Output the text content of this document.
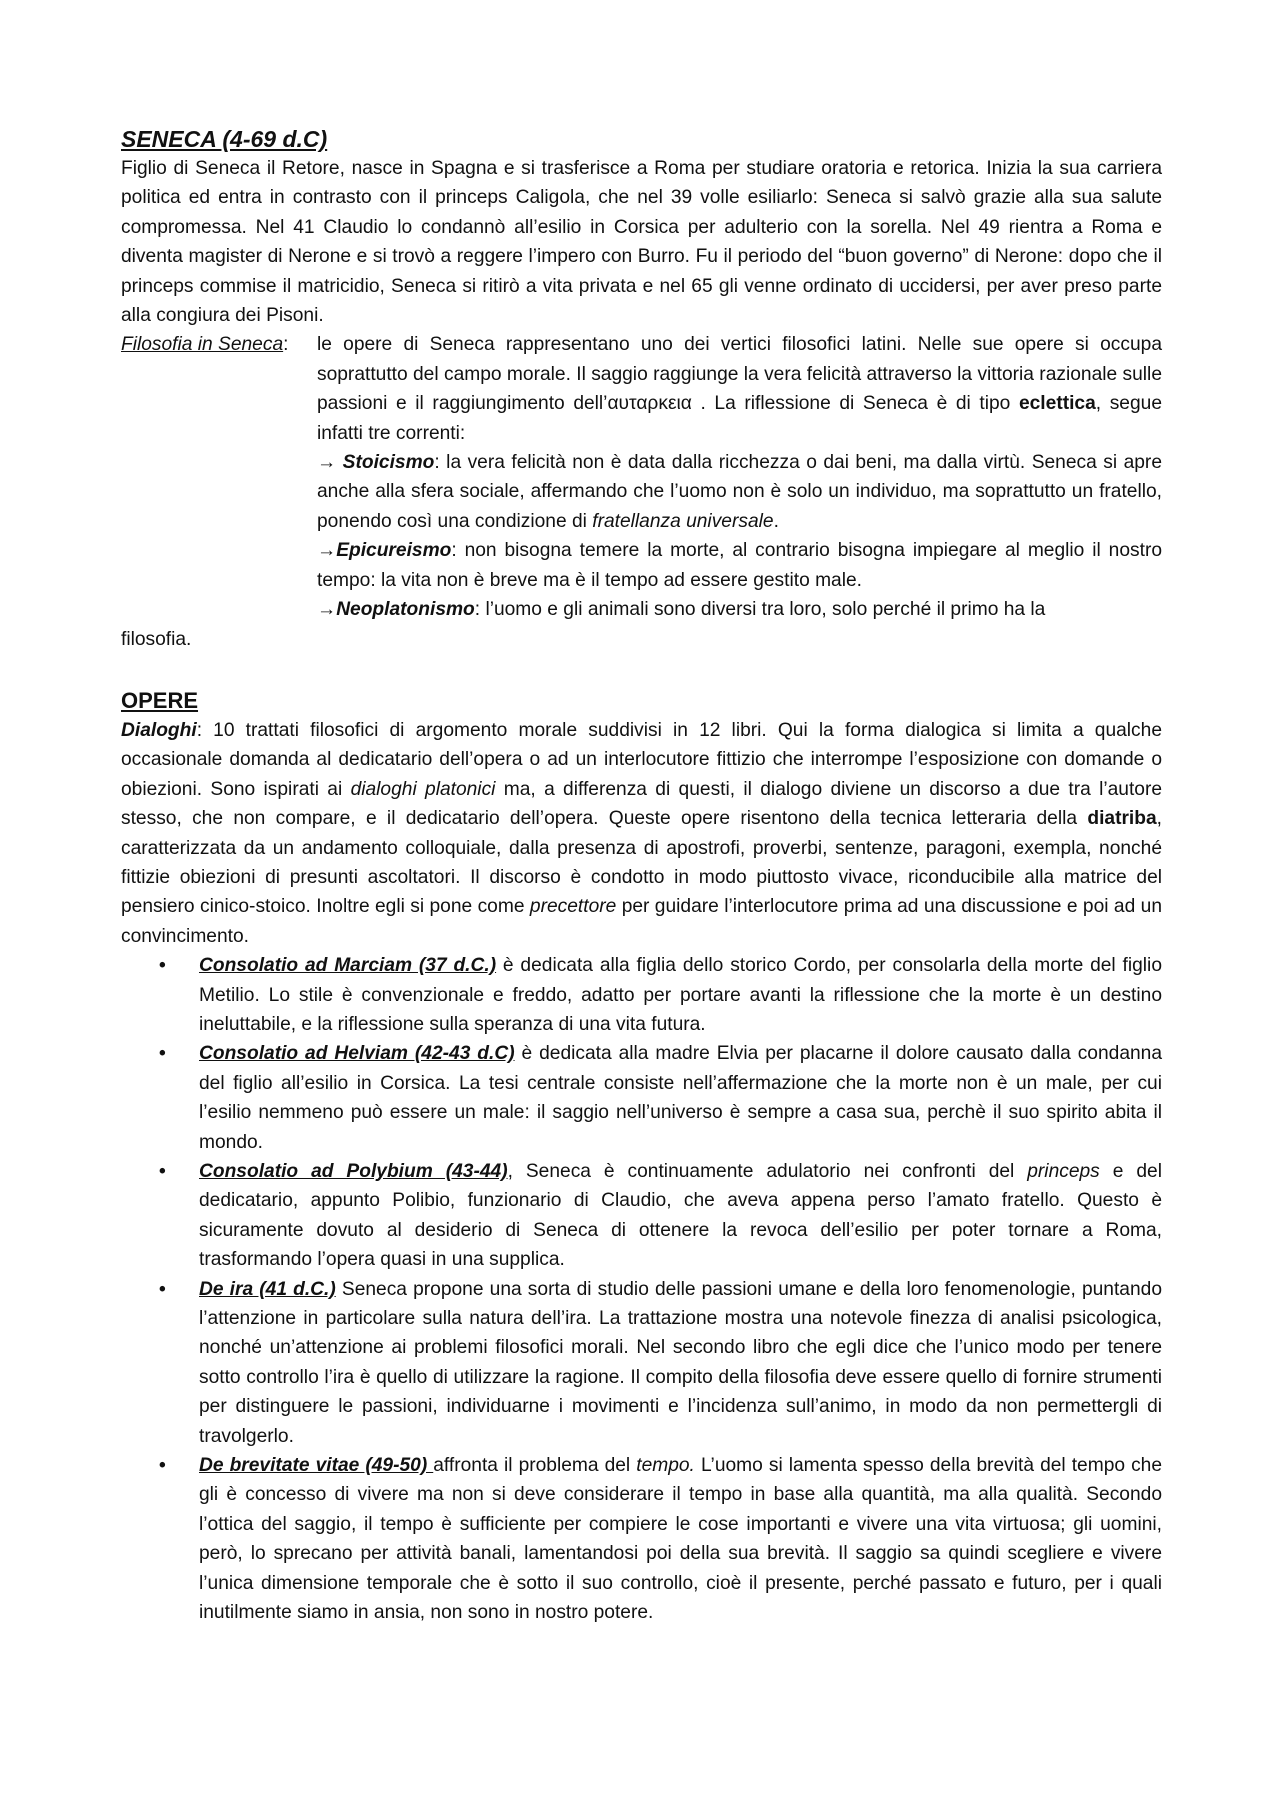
SENECA (4-69 d.C)

Figlio di Seneca il Retore, nasce in Spagna e si trasferisce a Roma per studiare oratoria e retorica. Inizia la sua carriera politica ed entra in contrasto con il princeps Caligola, che nel 39 volle esiliarlo: Seneca si salvò grazie alla sua salute compromessa. Nel 41 Claudio lo condannò all’esilio in Corsica per adulterio con la sorella. Nel 49 rientra a Roma e diventa magister di Nerone e si trovò a reggere l’impero con Burro. Fu il periodo del “buon governo” di Nerone: dopo che il princeps commise il matricidio, Seneca si ritirò a vita privata e nel 65 gli venne ordinato di uccidersi, per aver preso parte alla congiura dei Pisoni.

Filosofia in Seneca:	le opere di Seneca rappresentano uno dei vertici filosofici latini. Nelle sue opere si occupa soprattutto del campo morale. Il saggio raggiunge la vera felicità attraverso la vittoria razionale sulle passioni e il raggiungimento dell’αυταρκεια . La riflessione di Seneca è di tipo eclettica, segue infatti tre correnti:

→ Stoicismo: la vera felicità non è data dalla ricchezza o dai beni, ma dalla virtù. Seneca si apre anche alla sfera sociale, affermando che l’uomo non è solo un individuo, ma soprattutto un fratello, ponendo così una condizione di fratellanza universale.

→Epicureismo: non bisogna temere la morte, al contrario bisogna impiegare al meglio il nostro tempo: la vita non è breve ma è il tempo ad essere gestito male.

→Neoplatonismo: l’uomo e gli animali sono diversi tra loro, solo perché il primo ha la

filosofia.
OPERE

Dialoghi: 10 trattati filosofici di argomento morale suddivisi in 12 libri. Qui la forma dialogica si limita a qualche occasionale domanda al dedicatario dell’opera o ad un interlocutore fittizio che interrompe l’esposizione con domande o obiezioni. Sono ispirati ai dialoghi platonici ma, a differenza di questi, il dialogo diviene un discorso a due tra l’autore stesso, che non compare, e il dedicatario dell’opera. Queste opere risentono della tecnica letteraria della diatriba, caratterizzata da un andamento colloquiale, dalla presenza di apostrofi, proverbi, sentenze, paragoni, exempla, nonché fittizie obiezioni di presunti ascoltatori. Il discorso è condotto in modo piuttosto vivace, riconducibile alla matrice del pensiero cinico-stoico. Inoltre egli si pone come precettore per guidare l’interlocutore prima ad una discussione e poi ad un convincimento.

• Consolatio ad Marciam (37 d.C.) è dedicata alla figlia dello storico Cordo, per consolarla della morte del figlio Metilio. Lo stile è convenzionale e freddo, adatto per portare avanti la riflessione che la morte è un destino ineluttabile, e la riflessione sulla speranza di una vita futura.
• Consolatio ad Helviam (42-43 d.C) è dedicata alla madre Elvia per placarne il dolore causato dalla condanna del figlio all’esilio in Corsica. La tesi centrale consiste nell’affermazione che la morte non è un male, per cui l’esilio nemmeno può essere un male: il saggio nell’universo è sempre a casa sua, perchè il suo spirito abita il mondo.
• Consolatio ad Polybium (43-44), Seneca è continuamente adulatorio nei confronti del princeps e del dedicatario, appunto Polibio, funzionario di Claudio, che aveva appena perso l’amato fratello. Questo è sicuramente dovuto al desiderio di Seneca di ottenere la revoca dell’esilio per poter tornare a Roma, trasformando l’opera quasi in una supplica.
• De ira (41 d.C.) Seneca propone una sorta di studio delle passioni umane e della loro fenomenologie, puntando l’attenzione in particolare sulla natura dell’ira. La trattazione mostra una notevole finezza di analisi psicologica, nonché un’attenzione ai problemi filosofici morali. Nel secondo libro che egli dice che l’unico modo per tenere sotto controllo l’ira è quello di utilizzare la ragione. Il compito della filosofia deve essere quello di fornire strumenti per distinguere le passioni, individuarne i movimenti e l’incidenza sull’animo, in modo da non permettergli di travolgerlo.
• De brevitate vitae (49-50) affronta il problema del tempo. L’uomo si lamenta spesso della brevità del tempo che gli è concesso di vivere ma non si deve considerare il tempo in base alla quantità, ma alla qualità. Secondo l’ottica del saggio, il tempo è sufficiente per compiere le cose importanti e vivere una vita virtuosa; gli uomini, però, lo sprecano per attività banali, lamentandosi poi della sua brevità. Il saggio sa quindi scegliere e vivere l’unica dimensione temporale che è sotto il suo controllo, cioè il presente, perché passato e futuro, per i quali inutilmente siamo in ansia, non sono in nostro potere.
